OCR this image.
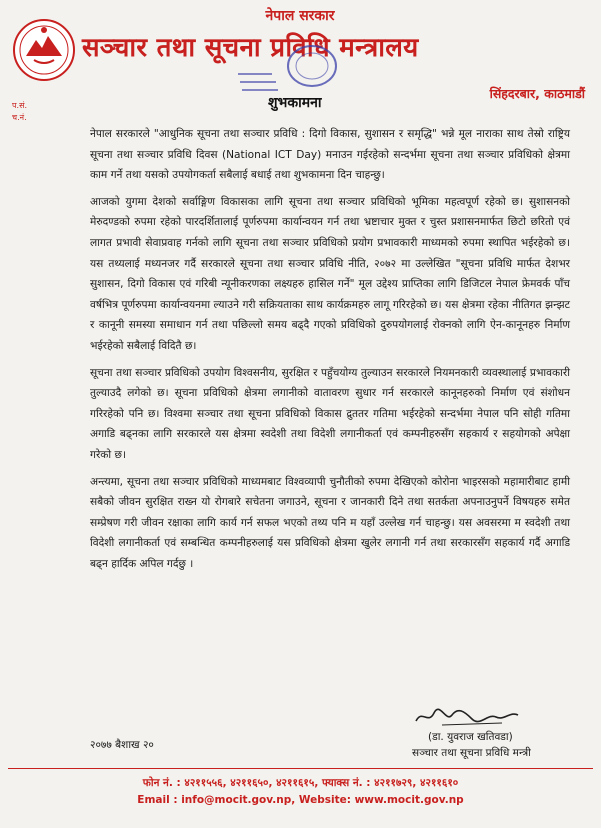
नेपाल सरकार
सञ्चार तथा सूचना प्रविधि मन्त्रालय
सिंहदरबार, काठमाडौं
प.सं.
च.नं.
शुभकामना

नेपाल सरकारले "आधुनिक सूचना तथा सञ्चार प्रविधि : दिगो विकास, सुशासन र समृद्धि" भन्ने मूल नाराका साथ तेस्रो राष्ट्रिय सूचना तथा सञ्चार प्रविधि दिवस (National ICT Day) मनाउन गईरहेको सन्दर्भमा सूचना तथा सञ्चार प्रविधिको क्षेत्रमा काम गर्ने तथा यसको उपयोगकर्ता सबैलाई बधाई तथा शुभकामना दिन चाहन्छु।

आजको युगमा देशको सर्वाङ्गिण विकासका लागि सूचना तथा सञ्चार प्रविधिको भूमिका महत्वपूर्ण रहेको छ। सुशासनको मेरुदण्डको रुपमा रहेको पारदर्शितालाई पूर्णरुपमा कार्यान्वयन गर्न तथा भ्रष्टाचार मुक्त र चुस्त प्रशासनमार्फत छिटो छरितो एवं लागत प्रभावी सेवाप्रवाह गर्नको लागि सूचना तथा सञ्चार प्रविधिको प्रयोग प्रभावकारी माध्यमको रुपमा स्थापित भईरहेको छ। यस तथ्यलाई मध्यनजर गर्दै सरकारले सूचना तथा सञ्चार प्रविधि नीति, २०७२ मा उल्लेखित "सूचना प्रविधि मार्फत देशभर सुशासन, दिगो विकास एवं गरिबी न्यूनीकरणका लक्ष्यहरु हासिल गर्ने" मूल उद्देश्य प्राप्तिका लागि डिजिटल नेपाल फ्रेमवर्क पाँच वर्षभित्र पूर्णरुपमा कार्यान्वयनमा ल्याउने गरी सक्रियताका साथ कार्यक्रमहरु लागू गरिरहेको छ। यस क्षेत्रमा रहेका नीतिगत झन्झट र कानूनी समस्या समाधान गर्न तथा पछिल्लो समय बढ्दै गएको प्रविधिको दुरुपयोगलाई रोक्नको लागि ऐन-कानूनहरु निर्माण भईरहेको सबैलाई विदितै छ।

सूचना तथा सञ्चार प्रविधिको उपयोग विश्वसनीय, सुरक्षित र पहुँचयोग्य तुल्याउन सरकारले नियमनकारी व्यवस्थालाई प्रभावकारी तुल्याउदै लगेको छ। सूचना प्रविधिको क्षेत्रमा लगानीको वातावरण सुधार गर्न सरकारले कानूनहरुको निर्माण एवं संशोधन गरिरहेको पनि छ। विश्वमा सञ्चार तथा सूचना प्रविधिको विकास द्रुततर गतिमा भईरहेको सन्दर्भमा नेपाल पनि सोही गतिमा अगाडि बढ्नका लागि सरकारले यस क्षेत्रमा स्वदेशी तथा विदेशी लगानीकर्ता एवं कम्पनीहरुसँग सहकार्य र सहयोगको अपेक्षा गरेको छ।

अन्त्यमा, सूचना तथा सञ्चार प्रविधिको माध्यमबाट विश्वव्यापी चुनौतीको रुपमा देखिएको कोरोना भाइरसको महामारीबाट हामी सबैको जीवन सुरक्षित राख्न यो रोगबारे सचेतना जगाउने, सूचना र जानकारी दिने तथा सतर्कता अपनाउनुपर्ने विषयहरु समेत सम्प्रेषण गरी जीवन रक्षाका लागि कार्य गर्न सफल भएको तथ्य पनि म यहाँ उल्लेख गर्न चाहन्छु। यस अवसरमा म स्वदेशी तथा विदेशी लगानीकर्ता एवं सम्बन्धित कम्पनीहरुलाई यस प्रविधिको क्षेत्रमा खुलेर लगानी गर्न तथा सरकारसँग सहकार्य गर्दै अगाडि बढ्न हार्दिक अपिल गर्दछु ।

(डा. युवराज खतिवडा)
सञ्चार तथा सूचना प्रविधि मन्त्री
२०७७ बैशाख २०
फोन नं. : ४२११५५६, ४२११६५०, ४२११६१५, फ्याक्स नं. : ४२११७२९, ४२११६१०
Email : info@mocit.gov.np, Website: www.mocit.gov.np
